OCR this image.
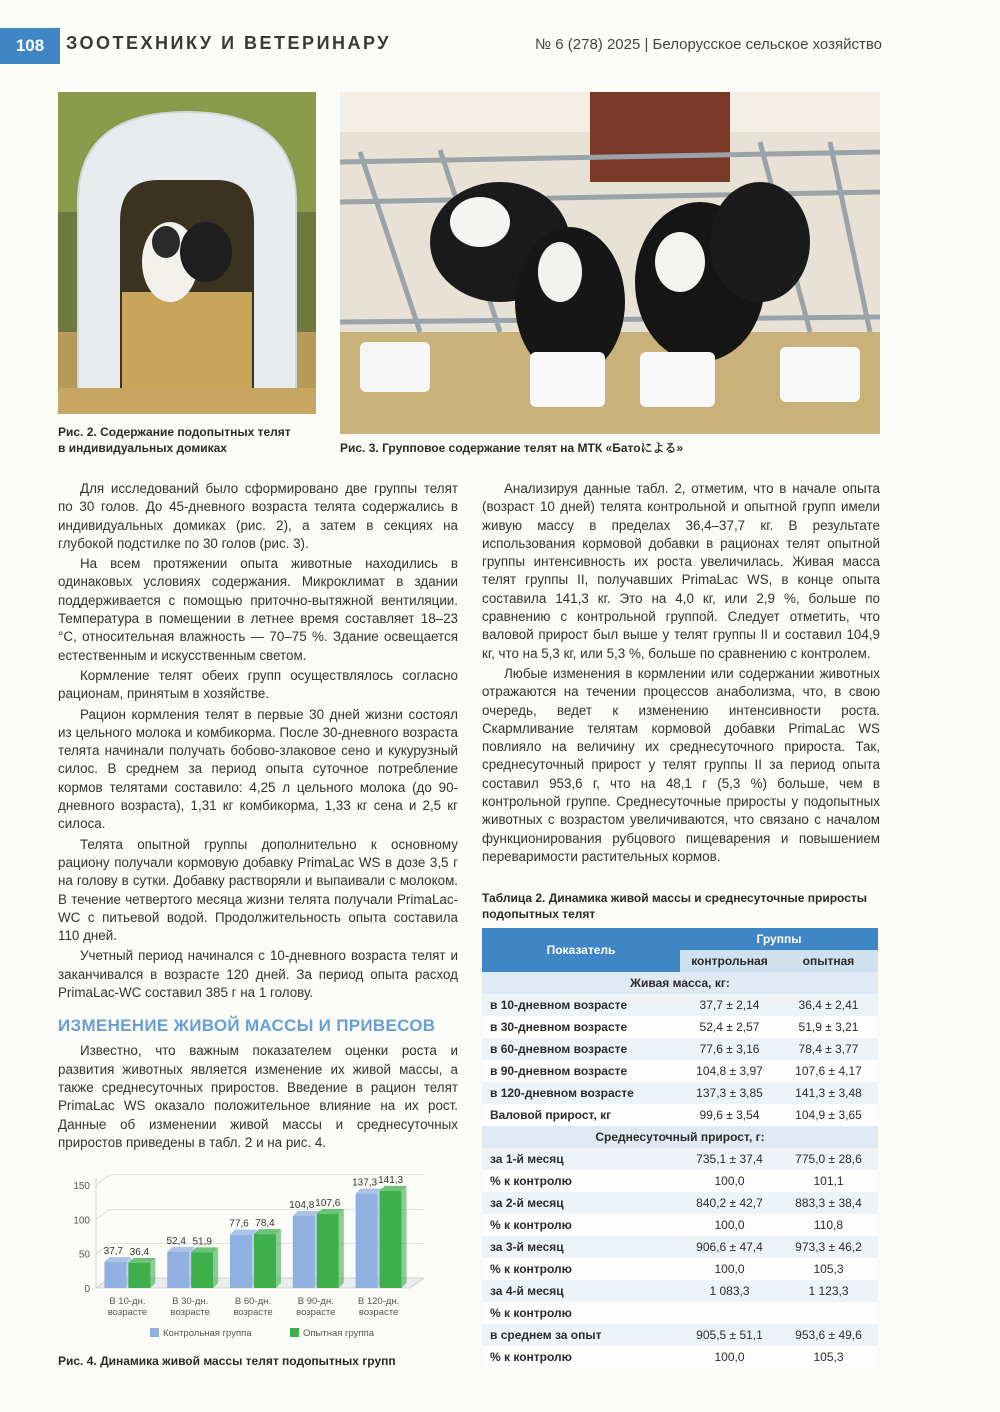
108	ЗООТЕХНИКУ И ВЕТЕРИНАРУ	№ 6 (278) 2025 | Белорусское сельское хозяйство
Рис. 2. Содержание подопытных телят
в индивидуальных домиках	Рис. 3. Групповое содержание телят на МТК «Батоによる»

Для исследований было сформировано две группы телят по 30 голов. До 45-дневного возраста телята содержались в индивидуальных домиках (рис. 2), а затем в секциях на глубокой подстилке по 30 голов (рис. 3).

На всем протяжении опыта животные находились в одинаковых условиях содержания. Микроклимат в здании поддерживается с помощью приточно-вытяжной вентиляции. Температура в помещении в летнее время составляет 18–23 °С, относительная влажность — 70–75 %. Здание освещается естественным и искусственным светом.

Кормление телят обеих групп осуществлялось согласно рационам, принятым в хозяйстве.

Рацион кормления телят в первые 30 дней жизни состоял из цельного молока и комбикорма. После 30-дневного возраста телята начинали получать бобово-злаковое сено и кукурузный силос. В среднем за период опыта суточное потребление кормов телятами составило: 4,25 л цельного молока (до 90-дневного возраста), 1,31 кг комбикорма, 1,33 кг сена и 2,5 кг силоса.

Телята опытной группы дополнительно к основному рациону получали кормовую добавку PrimaLac WS в дозе 3,5 г на голову в сутки. Добавку растворяли и выпаивали с молоком. В течение четвертого месяца жизни телята получали PrimaLac-WC с питьевой водой. Продолжительность опыта составила 110 дней.

Учетный период начинался с 10-дневного возраста телят и заканчивался в возрасте 120 дней. За период опыта расход PrimaLac-WC составил 385 г на 1 голову.

ИЗМЕНЕНИЕ ЖИВОЙ МАССЫ И ПРИВЕСОВ

Известно, что важным показателем оценки роста и развития животных является изменение их живой массы, а также среднесуточных приростов. Введение в рацион телят PrimaLac WS оказало положительное влияние на их рост. Данные об изменении живой массы и среднесуточных приростов приведены в табл. 2 и на рис. 4.

Анализируя данные табл. 2, отметим, что в начале опыта (возраст 10 дней) телята контрольной и опытной групп имели живую массу в пределах 36,4–37,7 кг. В результате использования кормовой добавки в рационах телят опытной группы интенсивность их роста увеличилась. Живая масса телят группы II, получавших PrimaLac WS, в конце опыта составила 141,3 кг. Это на 4,0 кг, или 2,9 %, больше по сравнению с контрольной группой. Следует отметить, что валовой прирост был выше у телят группы II и составил 104,9 кг, что на 5,3 кг, или 5,3 %, больше по сравнению с контролем.

Любые изменения в кормлении или содержании животных отражаются на течении процессов анаболизма, что, в свою очередь, ведет к изменению интенсивности роста. Скармливание телятам кормовой добавки PrimaLac WS повлияло на величину их среднесуточного прироста. Так, среднесуточный прирост у телят группы II за период опыта составил 953,6 г, что на 48,1 г (5,3 %) больше, чем в контрольной группе. Среднесуточные приросты у подопытных животных с возрастом увеличиваются, что связано с началом функционирования рубцового пищеварения и повышением переваримости растительных кормов.

Таблица 2. Динамика живой массы и среднесуточные приросты
подопытных телят
Показатель	Группы	
	контрольная	опытная
Живая масса, кг:		
в 10-дневном возрасте	37,7 ± 2,14	36,4 ± 2,41
в 30-дневном возрасте	52,4 ± 2,57	51,9 ± 3,21
в 60-дневном возрасте	77,6 ± 3,16	78,4 ± 3,77
в 90-дневном возрасте	104,8 ± 3,97	107,6 ± 4,17
в 120-дневном возрасте	137,3 ± 3,85	141,3 ± 3,48
Валовой прирост, кг	99,6 ± 3,54	104,9 ± 3,65
Среднесуточный прирост, г:		
за 1-й месяц	735,1 ± 37,4	775,0 ± 28,6
% к контролю	100,0	101,1
за 2-й месяц	840,2 ± 42,7	883,3 ± 38,4
% к контролю	100,0	110,8
за 3-й месяц	906,6 ± 47,4	973,3 ± 46,2
% к контролю	100,0	105,3
за 4-й месяц	1 083,3	1 123,3
% к контролю		
в среднем за опыт	905,5 ± 51,1	953,6 ± 49,6
% к контролю	100,0	105,3
0
50
100
150
37,7 36,4
В 10-дн.
возрасте
52,4 51,9
В 30-дн.
возрасте
77,6 78,4
В 60-дн.
возрасте
104,8 107,6
В 90-дн.
возрасте
137,3 141,3
В 120-дн.
возрасте
Контрольная группа	Опытная группа
Рис. 4. Динамика живой массы телят подопытных групп
